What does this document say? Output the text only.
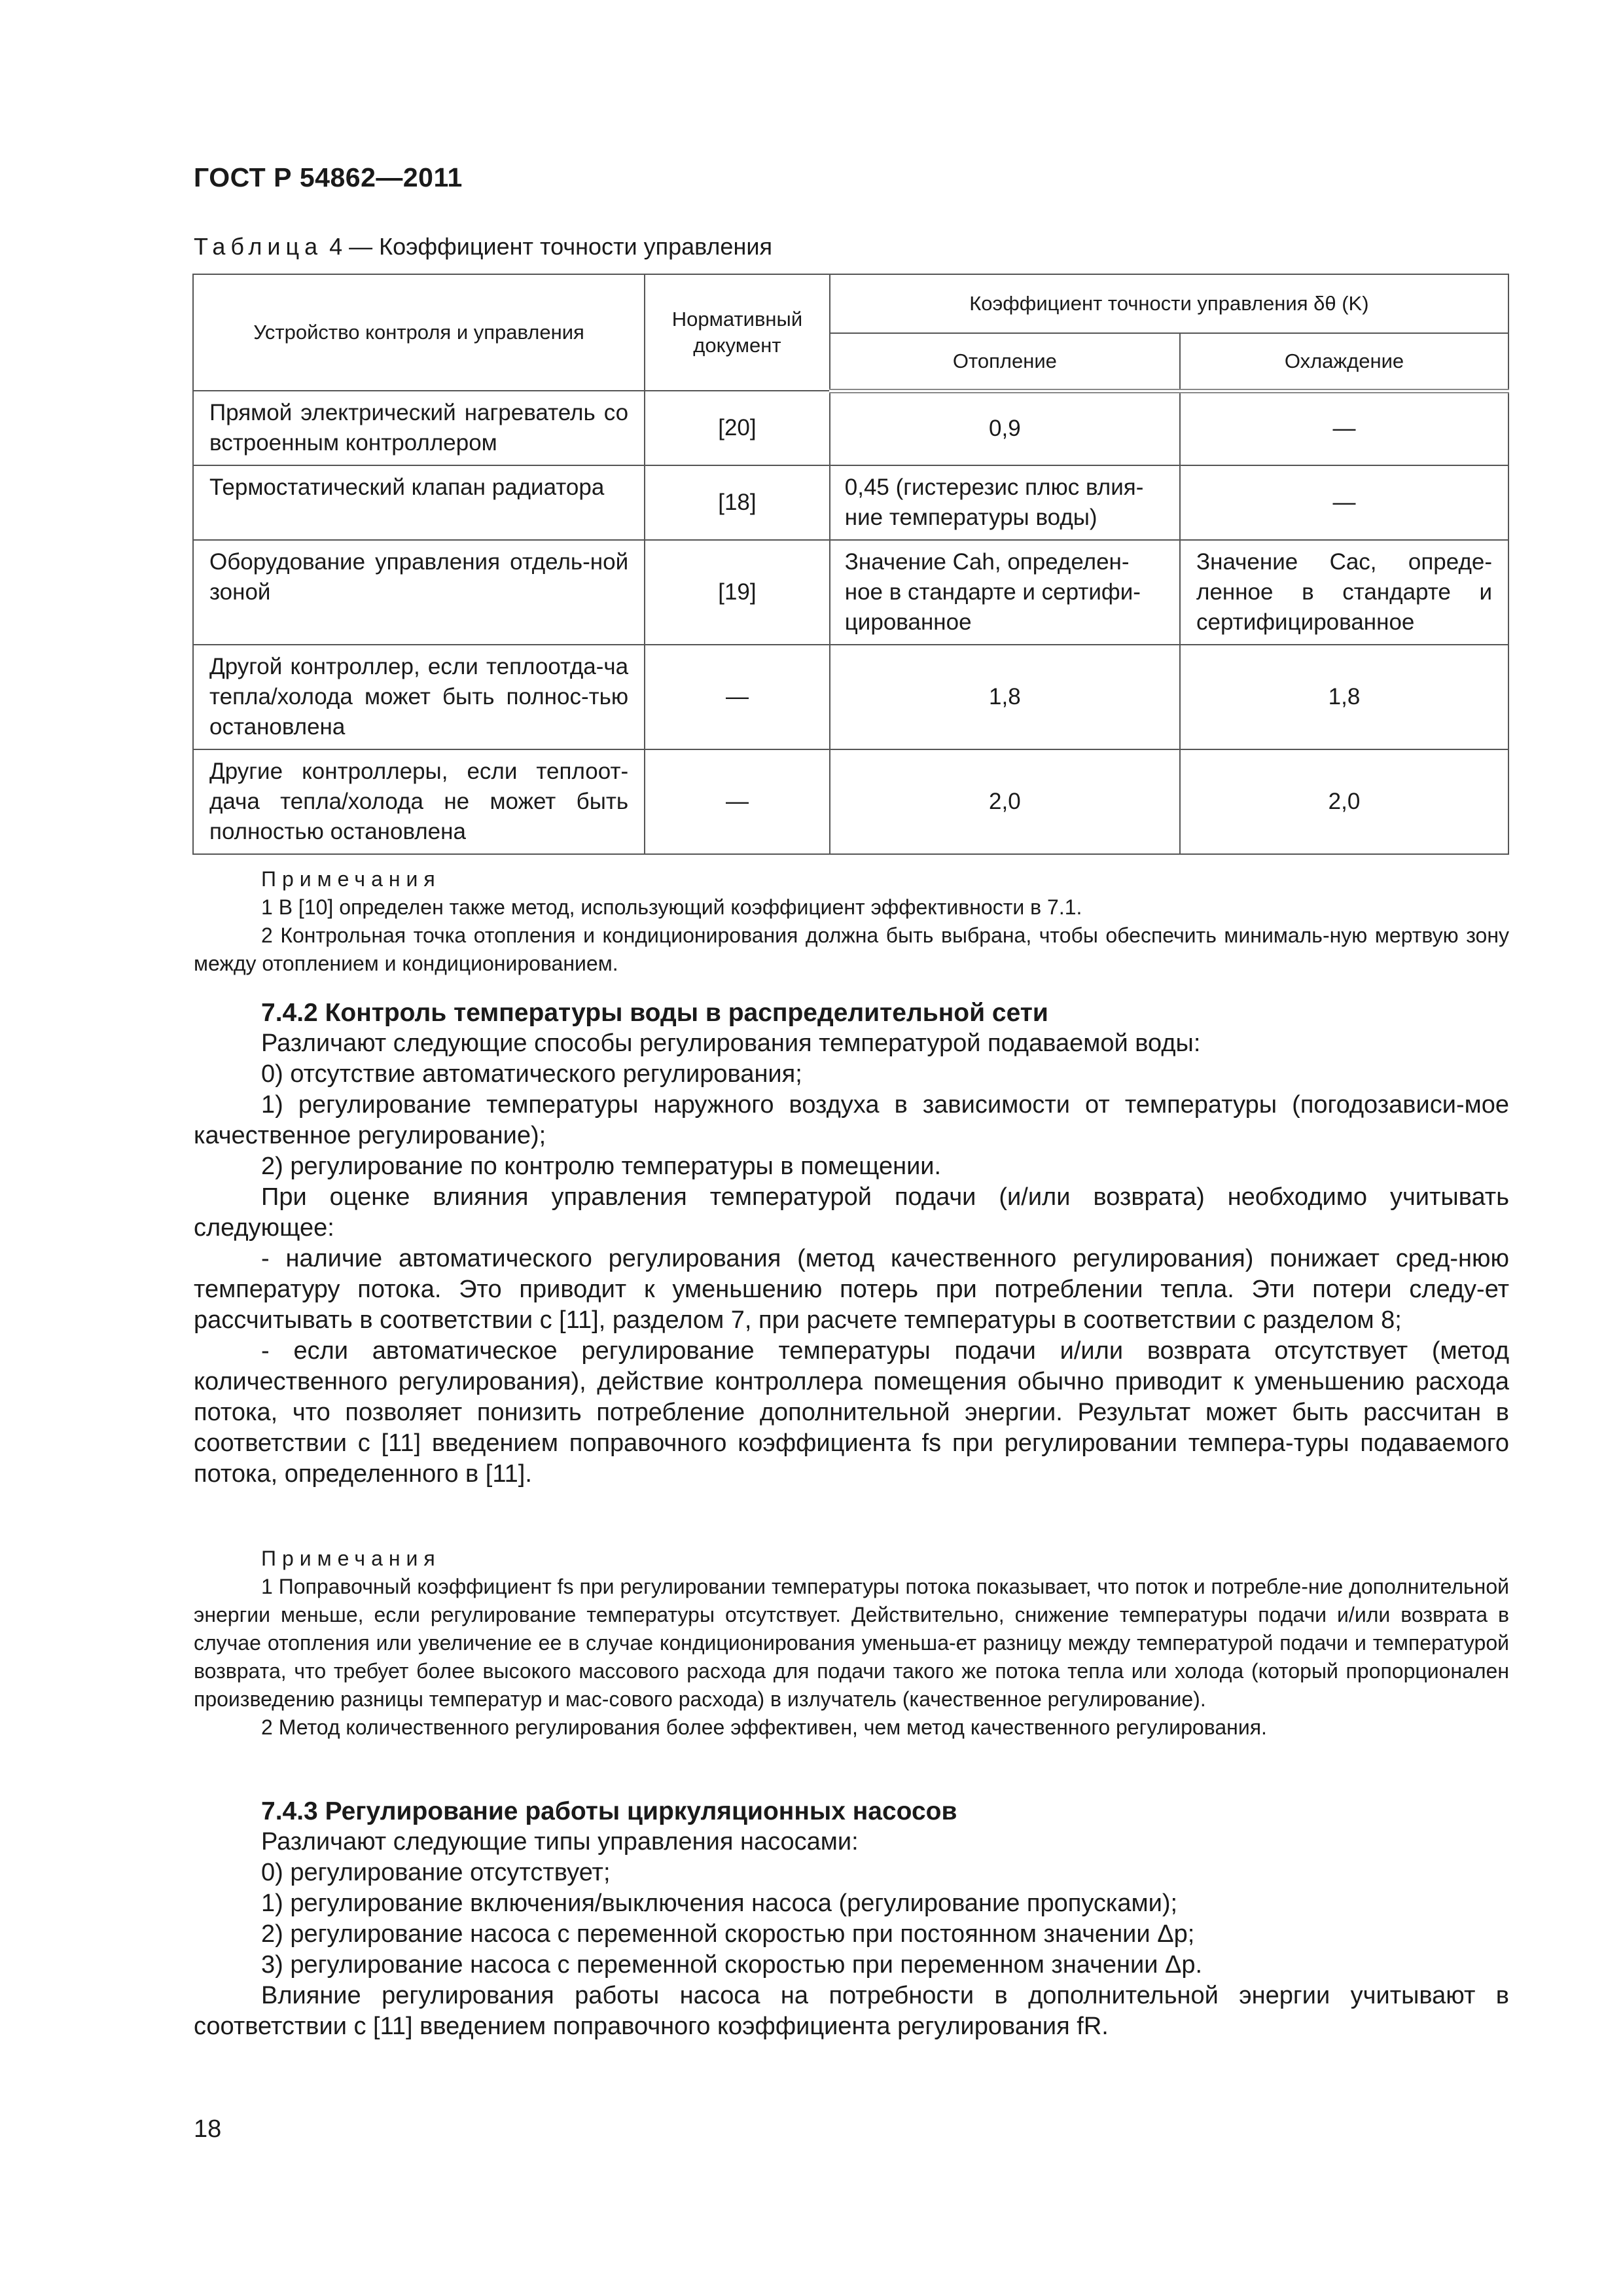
ГОСТ Р 54862—2011
Таблица 4 — Коэффициент точности управления
Устройство контроля и управления	Нормативный документ	Коэффициент точности управления δθ (K)	
		Отопление	Охлаждение
Прямой электрический нагреватель со встроенным контроллером	[20]	0,9	—
Термостатический клапан радиатора	[18]	0,45 (гистерезис плюс влия-ние температуры воды)	—
Оборудование управления отдель-ной зоной	[19]	Значение Cah, определен-ное в стандарте и сертифи-цированное	Значение Cac, опреде-ленное в стандарте и сертифицированное
Другой контроллер, если теплоотда-ча тепла/холода может быть полнос-тью остановлена	—	1,8	1,8
Другие контроллеры, если теплоот-дача тепла/холода не может быть полностью остановлена	—	2,0	2,0
Примечания

1 В [10] определен также метод, использующий коэффициент эффективности в 7.1.

2 Контрольная точка отопления и кондиционирования должна быть выбрана, чтобы обеспечить минималь-ную мертвую зону между отоплением и кондиционированием.

7.4.2 Контроль температуры воды в распределительной сети

Различают следующие способы регулирования температурой подаваемой воды:

0) отсутствие автоматического регулирования;

1) регулирование температуры наружного воздуха в зависимости от температуры (погодозависи-мое качественное регулирование);

2) регулирование по контролю температуры в помещении.

При оценке влияния управления температурой подачи (и/или возврата) необходимо учитывать следующее:

- наличие автоматического регулирования (метод качественного регулирования) понижает сред-нюю температуру потока. Это приводит к уменьшению потерь при потреблении тепла. Эти потери следу-ет рассчитывать в соответствии с [11], разделом 7, при расчете температуры в соответствии с разделом 8;

- если автоматическое регулирование температуры подачи и/или возврата отсутствует (метод количественного регулирования), действие контроллера помещения обычно приводит к уменьшению расхода потока, что позволяет понизить потребление дополнительной энергии. Результат может быть рассчитан в соответствии с [11] введением поправочного коэффициента fs при регулировании темпера-туры подаваемого потока, определенного в [11].

Примечания

1 Поправочный коэффициент fs при регулировании температуры потока показывает, что поток и потребле-ние дополнительной энергии меньше, если регулирование температуры отсутствует. Действительно, снижение температуры подачи и/или возврата в случае отопления или увеличение ее в случае кондиционирования уменьша-ет разницу между температурой подачи и температурой возврата, что требует более высокого массового расхода для подачи такого же потока тепла или холода (который пропорционален произведению разницы температур и мас-сового расхода) в излучатель (качественное регулирование).

2 Метод количественного регулирования более эффективен, чем метод качественного регулирования.

7.4.3 Регулирование работы циркуляционных насосов

Различают следующие типы управления насосами:

0) регулирование отсутствует;

1) регулирование включения/выключения насоса (регулирование пропусками);

2) регулирование насоса с переменной скоростью при постоянном значении Δp;

3) регулирование насоса с переменной скоростью при переменном значении Δp.

Влияние регулирования работы насоса на потребности в дополнительной энергии учитывают в соответствии с [11] введением поправочного коэффициента регулирования fR.

18
